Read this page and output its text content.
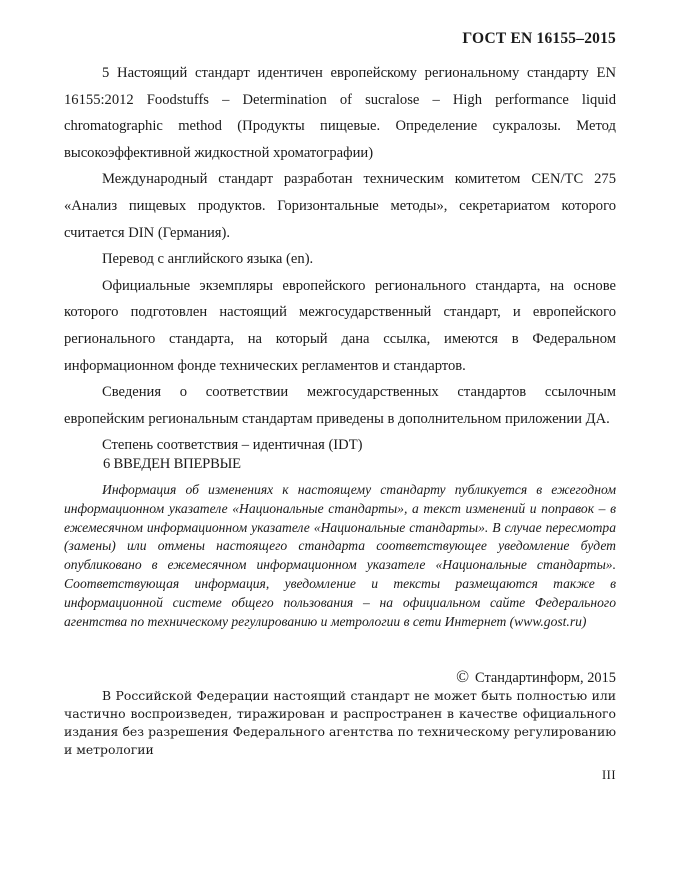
ГОСТ EN 16155–2015

5 Настоящий стандарт идентичен европейскому региональному стандарту EN 16155:2012 Foodstuffs – Determination of sucralose – High performance liquid chromatographic method (Продукты пищевые. Определение сукралозы. Метод высокоэффективной жидкостной хроматографии)

Международный стандарт разработан техническим комитетом CEN/TC 275 «Анализ пищевых продуктов. Горизонтальные методы», секретариатом которого считается DIN (Германия).

Перевод с английского языка (en).

Официальные экземпляры европейского регионального стандарта, на основе которого подготовлен настоящий межгосударственный стандарт, и европейского регионального стандарта, на который дана ссылка, имеются в Федеральном информационном фонде технических регламентов и стандартов.

Сведения о соответствии межгосударственных стандартов ссылочным европейским региональным стандартам приведены в дополнительном приложении ДА.

Степень соответствия – идентичная (IDT)

6 ВВЕДЕН ВПЕРВЫЕ

Информация об изменениях к настоящему стандарту публикуется в ежегодном информационном указателе «Национальные стандарты», а текст изменений и поправок – в ежемесячном информационном указателе «Национальные стандарты». В случае пересмотра (замены) или отмены настоящего стандарта соответствующее уведомление будет опубликовано в ежемесячном информационном указателе «Национальные стандарты». Соответствующая информация, уведомление и тексты размещаются также в информационной системе общего пользования – на официальном сайте Федерального агентства по техническому регулированию и метрологии в сети Интернет (www.gost.ru)

© Стандартинформ, 2015

В Российской Федерации настоящий стандарт не может быть полностью или частично воспроизведен, тиражирован и распространен в качестве официального издания без разрешения Федерального агентства по техническому регулированию и метрологии

III
